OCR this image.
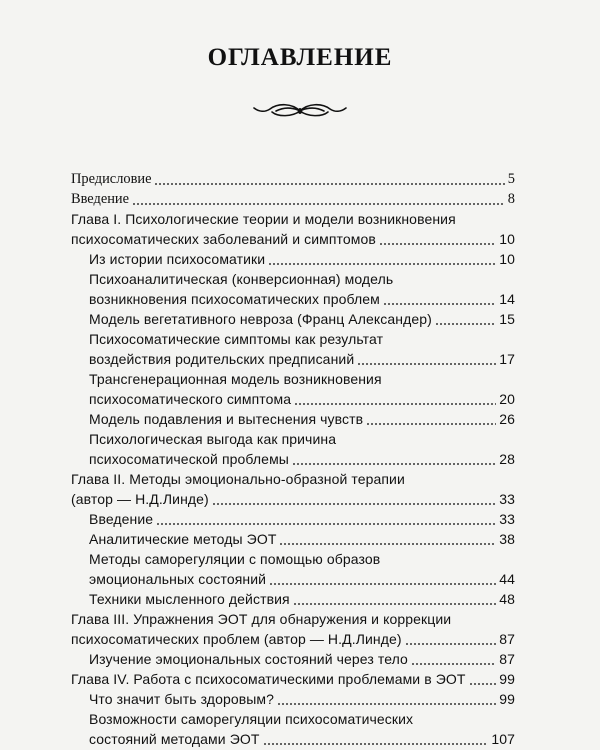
ОГЛАВЛЕНИЕ
Предисловие	5
Введение	8
Глава I. Психологические теории и модели возникновения
психосоматических заболеваний и симптомов	10
Из истории психосоматики	10
Психоаналитическая (конверсионная) модель
возникновения психосоматических проблем	14
Модель вегетативного невроза (Франц Александер)	15
Психосоматические симптомы как результат
воздействия родительских предписаний	17
Трансгенерационная модель возникновения
психосоматического симптома	20
Модель подавления и вытеснения чувств	26
Психологическая выгода как причина
психосоматической проблемы	28
Глава II. Методы эмоционально-образной терапии
(автор — Н.Д.Линде)	33
Введение	33
Аналитические методы ЭОТ	38
Методы саморегуляции с помощью образов
эмоциональных состояний	44
Техники мысленного действия	48
Глава III. Упражнения ЭОТ для обнаружения и коррекции
психосоматических проблем (автор — Н.Д.Линде)	87
Изучение эмоциональных состояний через тело	87
Глава IV. Работа с психосоматическими проблемами в ЭОТ 99
Что значит быть здоровым?	99
Возможности саморегуляции психосоматических
состояний методами ЭОТ	107
